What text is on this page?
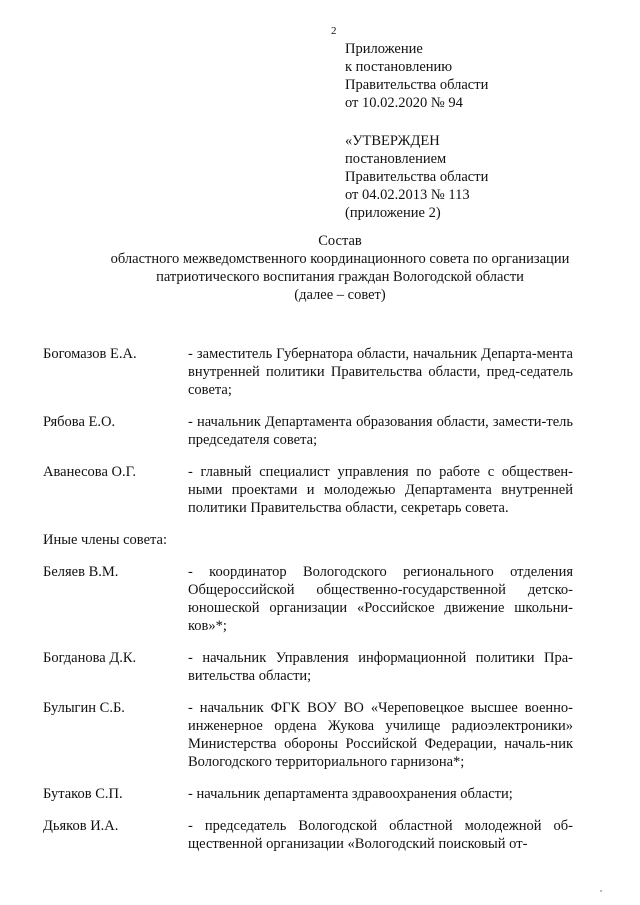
2
Приложение
к постановлению
Правительства области
от 10.02.2020 № 94
«УТВЕРЖДЕН
постановлением
Правительства области
от 04.02.2013 № 113
(приложение 2)
Состав
областного межведомственного координационного совета по организации
патриотического воспитания граждан Вологодской области
(далее – совет)
Богомазов Е.А.	- заместитель Губернатора области, начальник Департа-мента внутренней политики Правительства области, пред-седатель совета;
Рябова Е.О.	- начальник Департамента образования области, замести-тель председателя совета;
Аванесова О.Г.	- главный специалист управления по работе с обществен-ными проектами и молодежью Департамента внутренней политики Правительства области, секретарь совета.
Иные члены совета:
Беляев В.М.	- координатор Вологодского регионального отделения Общероссийской общественно-государственной детско-юношеской организации «Российское движение школьни-ков»*;
Богданова Д.К.	- начальник Управления информационной политики Пра-вительства области;
Булыгин С.Б.	- начальник ФГК ВОУ ВО «Череповецкое высшее военно-инженерное ордена Жукова училище радиоэлектроники» Министерства обороны Российской Федерации, началь-ник Вологодского территориального гарнизона*;
Бутаков С.П.	- начальник департамента здравоохранения области;
Дьяков И.А.	- председатель Вологодской областной молодежной об-щественной организации «Вологодский поисковый от-
